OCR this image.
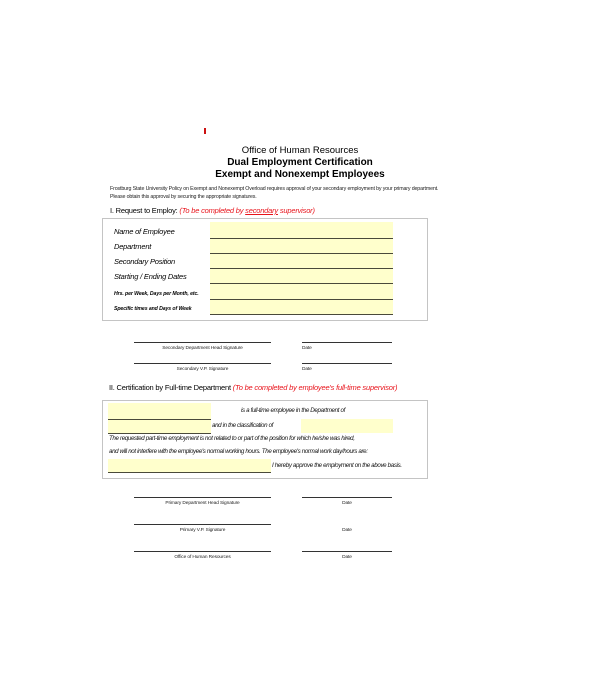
Office of Human Resources
Dual Employment Certification
Exempt and Nonexempt Employees
Frostburg State University Policy on Exempt and Nonexempt Overload requires approval of your secondary employment by your primary department. Please obtain this approval by securing the appropriate signatures.
I. Request to Employ: (To be completed by secondary supervisor)
Name of Employee
Department
Secondary Position
Starting / Ending Dates
Hrs. per Week, Days per Month, etc.
Specific times and Days of Week
Secondary Department Head Signature	Date
Secondary V.P. Signature	Date
II. Certification by Full-time Department (To be completed by employee's full-time supervisor)
is a full-time employee in the Department of
and in the classification of
The requested part-time employment is not related to or part of the position for which he/she was hired,
and will not interfere with the employee's normal working hours. The employee's normal work day/hours are:
I hereby approve the employment on the above basis.
Primary Department Head Signature	Date
Primary V.P. Signature	Date
Office of Human Resources	Date
